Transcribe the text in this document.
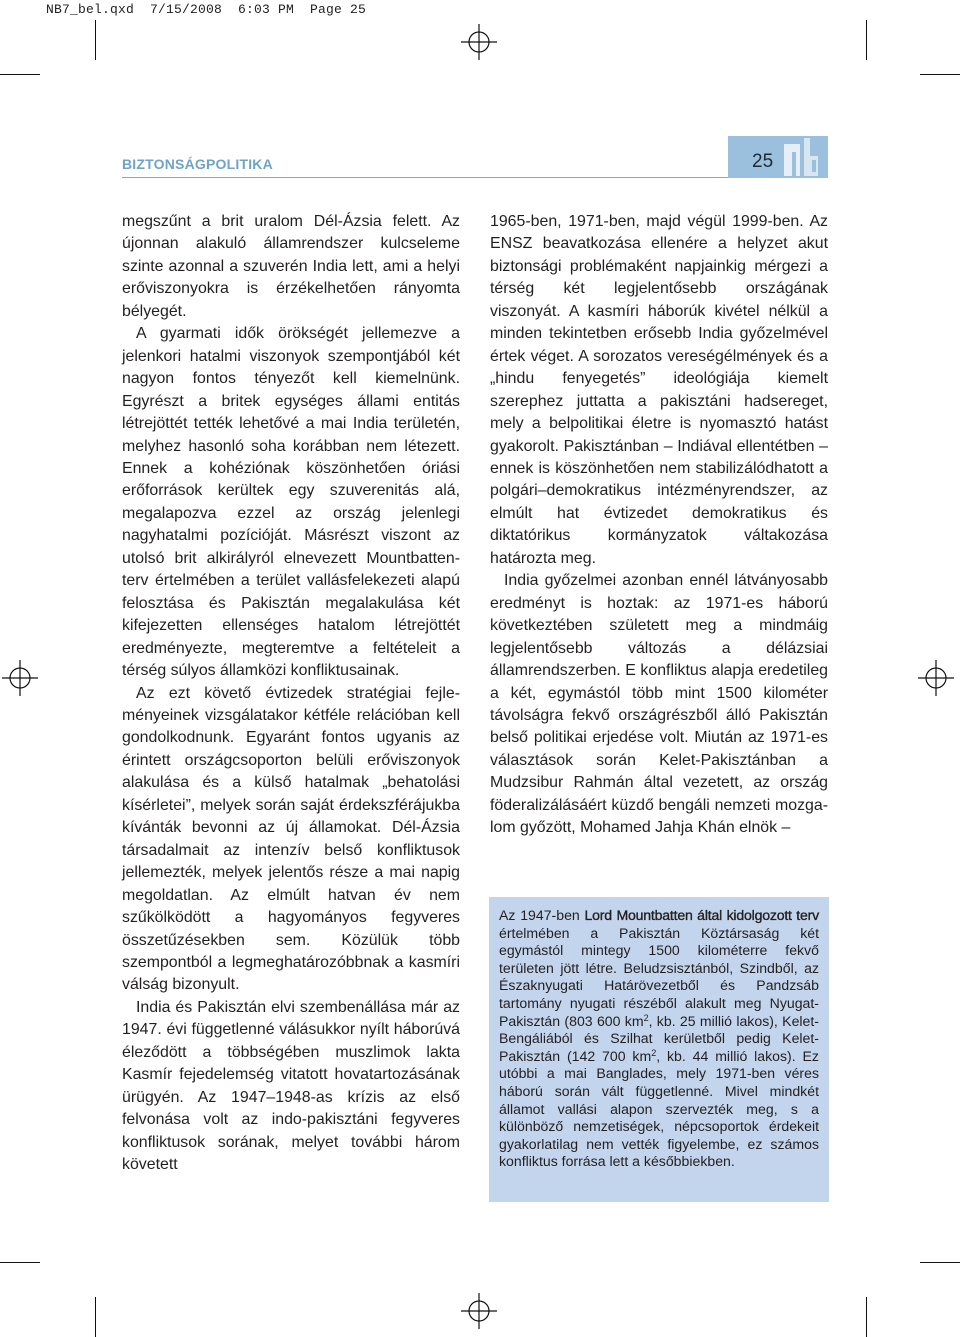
NB7_bel.qxd  7/15/2008  6:03 PM  Page 25
BIZTONSÁGPOLITIKA	25

megszűnt a brit uralom Dél-Ázsia felett. Az újonnan alakuló államrendszer kulcseleme szinte azonnal a szuverén India lett, ami a helyi erőviszonyokra is érzékelhetően rányomta bélyegét.

A gyarmati idők örökségét jellemezve a jelenkori hatalmi viszonyok szempontjából két nagyon fontos tényezőt kell kiemelnünk. Egyrészt a britek egységes állami entitás létrejöttét tették lehetővé a mai India területén, melyhez hasonló soha korábban nem létezett. Ennek a kohéziónak köszönhetően óriási erőforrások kerültek egy szuverenitás alá, megalapozva ezzel az ország jelenlegi nagyhatalmi pozícióját. Másrészt viszont az utolsó brit alkirályról elnevezett Mountbatten-terv értelmében a terület vallásfelekezeti alapú felosztása és Pakisztán megalakulása két kifejezetten ellenséges hatalom létrejöttét eredményezte, megteremtve a feltételeit a térség súlyos államközi konfliktusainak.

Az ezt követő évtizedek stratégiai fejleményeinek vizsgálatakor kétféle relációban kell gondolkodnunk. Egyaránt fontos ugyanis az érintett országcsoporton belüli erőviszonyok alakulása és a külső hatalmak „behatolási kísérletei”, melyek során saját érdekszférájukba kívánták bevonni az új államokat. Dél-Ázsia társadalmait az intenzív belső konfliktusok jellemezték, melyek jelentős része a mai napig megoldatlan. Az elmúlt hatvan év nem szűkölködött a hagyományos fegyveres összetűzésekben sem. Közülük több szempontból a legmeghatározóbbnak a kasmíri válság bizonyult.

India és Pakisztán elvi szembenállása már az 1947. évi függetlenné válásukkor nyílt háborúvá éleződött a többségében muszlimok lakta Kasmír fejedelemség vitatott hovatartozásának ürügyén. Az 1947–1948-as krízis az első felvonása volt az indo-pakisztáni fegyveres konfliktusok sorának, melyet további három követett

1965-ben, 1971-ben, majd végül 1999-ben. Az ENSZ beavatkozása ellenére a helyzet akut biztonsági problémaként napjainkig mérgezi a térség két legjelentősebb országának viszonyát. A kasmíri háborúk kivétel nélkül a minden tekintetben erősebb India győzelmével értek véget. A sorozatos vereségélmények és a „hindu fenyegetés” ideológiája kiemelt szerephez juttatta a pakisztáni hadsereget, mely a belpolitikai életre is nyomasztó hatást gyakorolt. Pakisztánban – Indiával ellentétben – ennek is köszönhetően nem stabilizálódhatott a polgári–demokratikus intézményrendszer, az elmúlt hat évtizedet demokratikus és diktatórikus kormányzatok váltakozása határozta meg.

India győzelmei azonban ennél látványosabb eredményt is hoztak: az 1971-es háború következtében született meg a mindmáig legjelentősebb változás a délázsiai államrendszerben. E konfliktus alapja eredetileg a két, egymástól több mint 1500 kilométer távolságra fekvő országrészből álló Pakisztán belső politikai erjedése volt. Miután az 1971-es választások során Kelet-Pakisztánban a Mudzsibur Rahmán által vezetett, az ország föderalizálásáért küzdő bengáli nemzeti mozgalom győzött, Mohamed Jahja Khán elnök –

Az 1947-ben Lord Mountbatten által kidolgozott terv értelmében a Pakisztán Köztársaság két egymástól mintegy 1500 kilométerre fekvő területen jött létre. Beludzsisztánból, Szindből, az Északnyugati Határövezetből és Pandzsáb tartomány nyugati részéből alakult meg Nyugat-Pakisztán (803 600 $km^2$, kb. 25 millió lakos), Kelet-Bengáliából és Szilhat kerületből pedig Kelet-Pakisztán (142 700 $km^2$, kb. 44 millió lakos). Ez utóbbi a mai Banglades, mely 1971-ben véres háború során vált függetlenné. Mivel mindkét államot vallási alapon szervezték meg, s a különböző nemzetiségek, népcsoportok érdekeit gyakorlatilag nem vették figyelembe, ez számos konfliktus forrása lett a későbbiekben.
